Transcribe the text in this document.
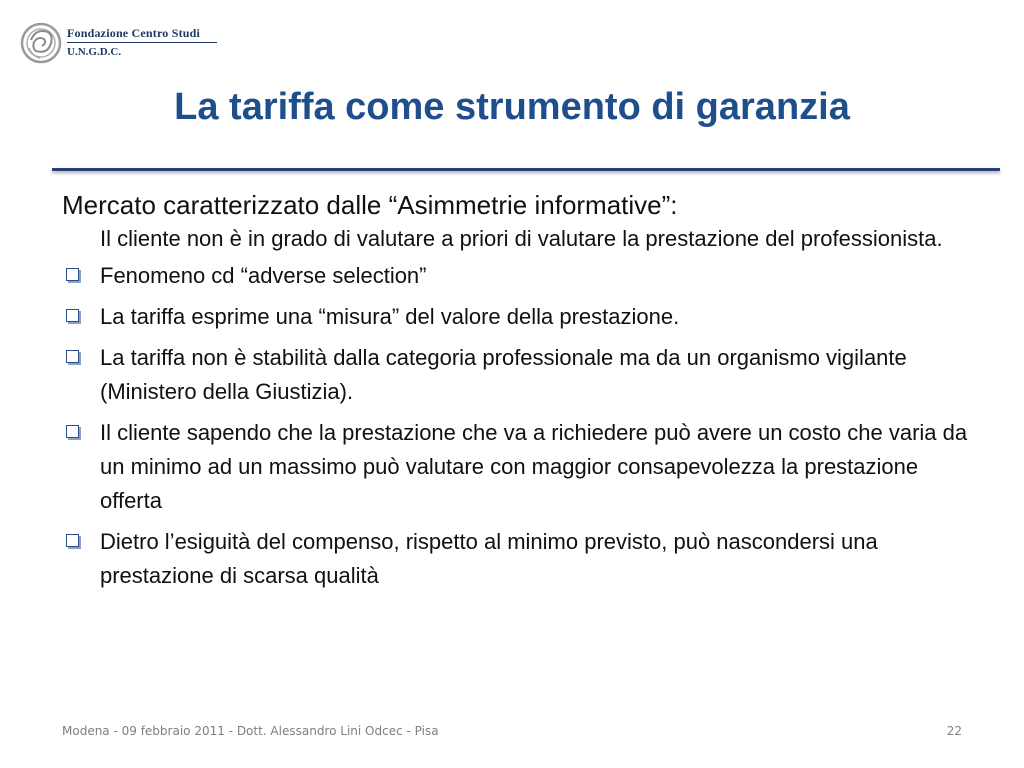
Fondazione Centro Studi
U.N.G.D.C.
La tariffa come strumento di garanzia

Mercato caratterizzato dalle “Asimmetrie informative”:

Il cliente non è in grado di valutare a priori di valutare la prestazione del professionista.

Fenomeno cd “adverse selection”
La tariffa esprime una “misura” del valore della prestazione.
La tariffa non è stabilità dalla categoria professionale ma da un organismo vigilante (Ministero della Giustizia).
Il cliente sapendo che la prestazione che va a richiedere può avere un costo che varia da un minimo ad un massimo può valutare con maggior consapevolezza la prestazione offerta
Dietro l’esiguità del compenso, rispetto al minimo previsto, può nascondersi una prestazione di scarsa qualità
Modena - 09 febbraio 2011 - Dott. Alessandro Lini Odcec - Pisa	22
